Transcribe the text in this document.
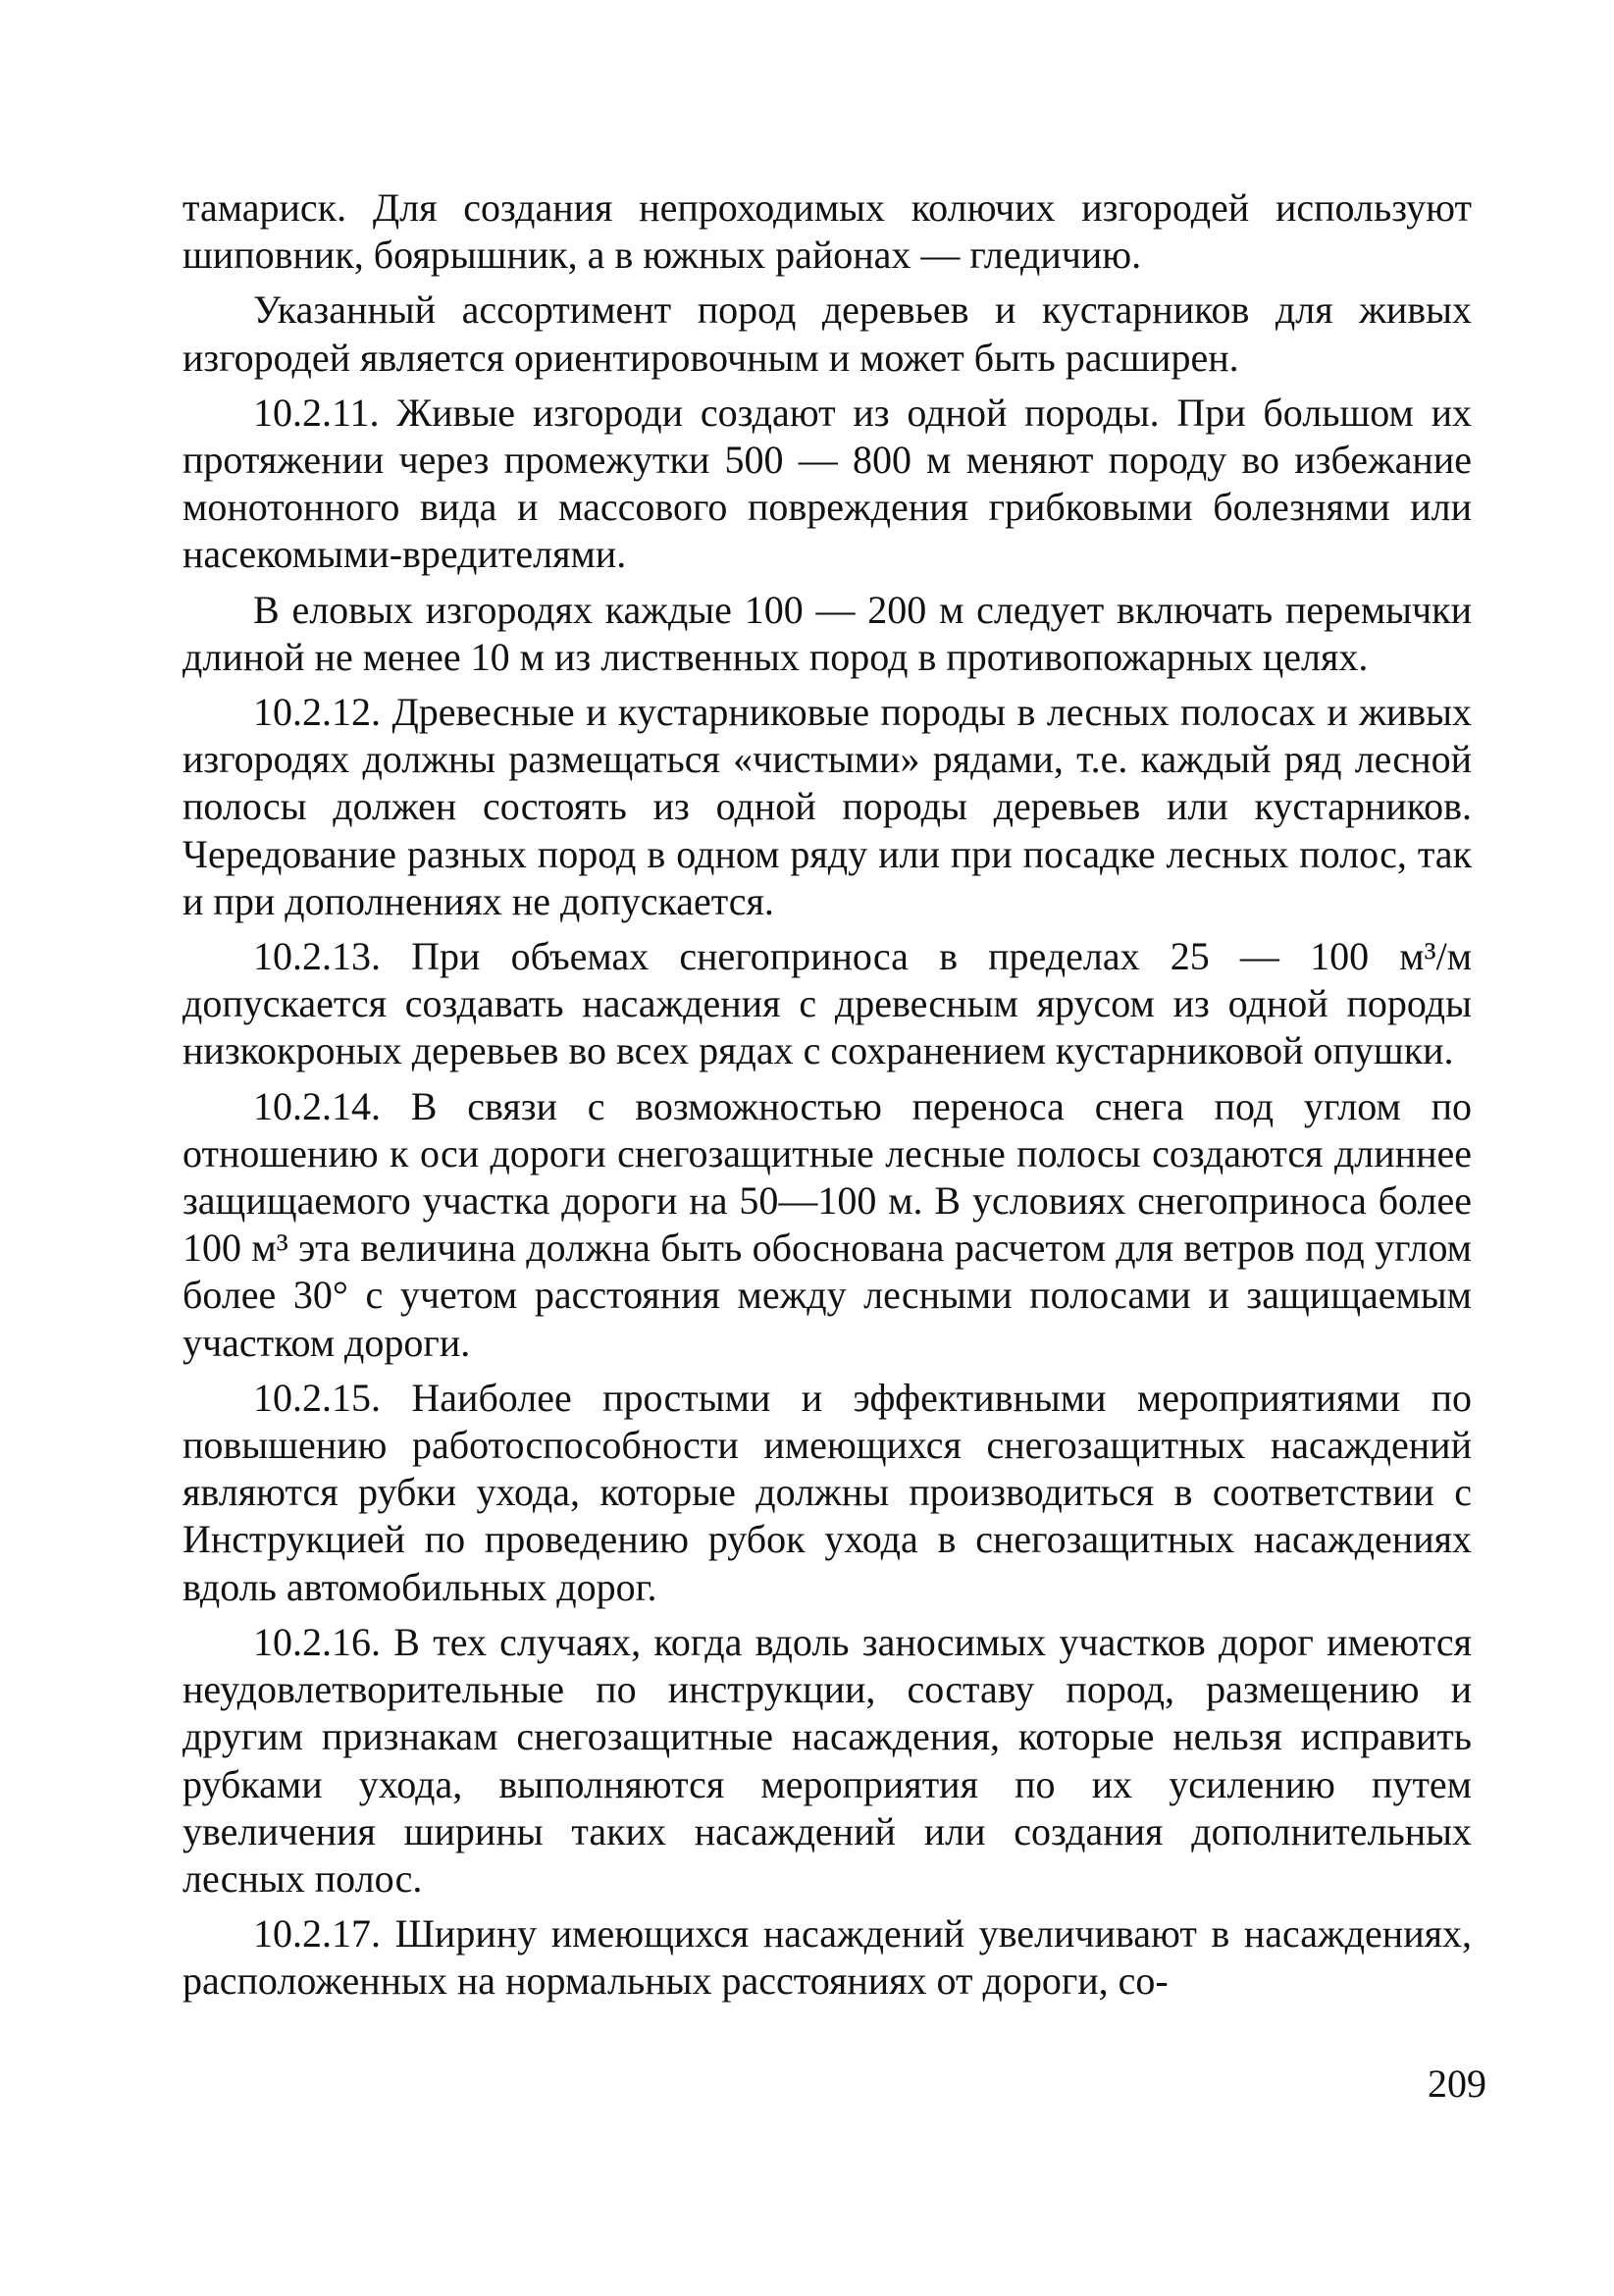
тамариск. Для создания непроходимых колючих изгородей используют шиповник, боярышник, а в южных районах — гледичию.

Указанный ассортимент пород деревьев и кустарников для живых изгородей является ориентировочным и может быть расширен.

10.2.11. Живые изгороди создают из одной породы. При большом их протяжении через промежутки 500 — 800 м меняют породу во избежание монотонного вида и массового повреждения грибковыми болезнями или насекомыми-вредителями.

В еловых изгородях каждые 100 — 200 м следует включать перемычки длиной не менее 10 м из лиственных пород в противопожарных целях.

10.2.12. Древесные и кустарниковые породы в лесных полосах и живых изгородях должны размещаться «чистыми» рядами, т.е. каждый ряд лесной полосы должен состоять из одной породы деревьев или кустарников. Чередование разных пород в одном ряду или при посадке лесных полос, так и при дополнениях не допускается.

10.2.13. При объемах снегоприноса в пределах 25 — 100 м³/м допускается создавать насаждения с древесным ярусом из одной породы низкокроных деревьев во всех рядах с сохранением кустарниковой опушки.

10.2.14. В связи с возможностью переноса снега под углом по отношению к оси дороги снегозащитные лесные полосы создаются длиннее защищаемого участка дороги на 50—100 м. В условиях снегоприноса более 100 м³ эта величина должна быть обоснована расчетом для ветров под углом более 30° с учетом расстояния между лесными полосами и защищаемым участком дороги.

10.2.15. Наиболее простыми и эффективными мероприятиями по повышению работоспособности имеющихся снегозащитных насаждений являются рубки ухода, которые должны производиться в соответствии с Инструкцией по проведению рубок ухода в снегозащитных насаждениях вдоль автомобильных дорог.

10.2.16. В тех случаях, когда вдоль заносимых участков дорог имеются неудовлетворительные по инструкции, составу пород, размещению и другим признакам снегозащитные насаждения, которые нельзя исправить рубками ухода, выполняются мероприятия по их усилению путем увеличения ширины таких насаждений или создания дополнительных лесных полос.

10.2.17. Ширину имеющихся насаждений увеличивают в насаждениях, расположенных на нормальных расстояниях от дороги, со-

209
